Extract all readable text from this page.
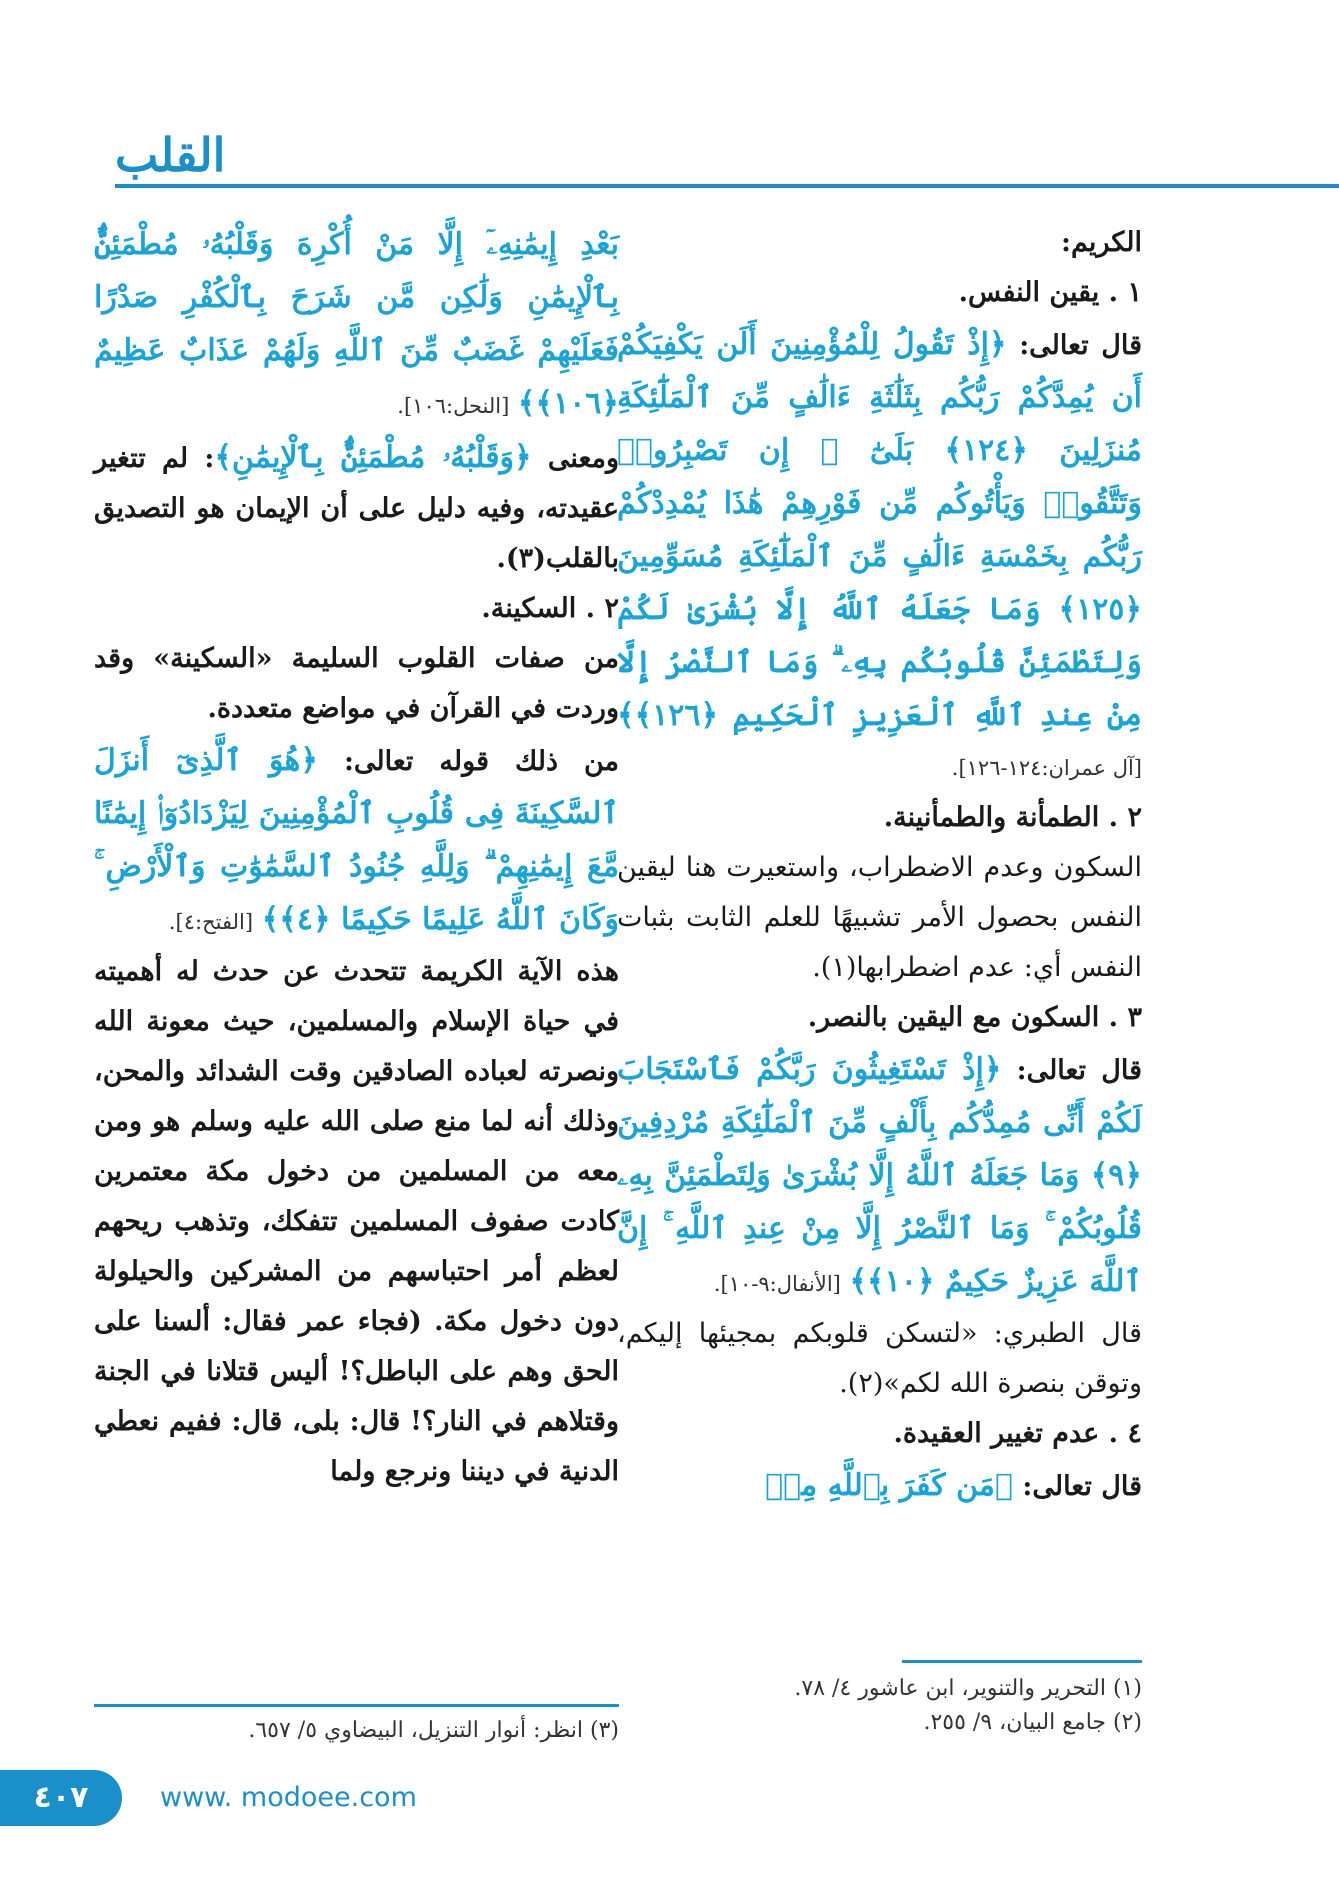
القلب

الكريم:

١ . يقين النفس.

قال تعالى: ﴿إِذْ تَقُولُ لِلْمُؤْمِنِينَ أَلَن يَكْفِيَكُمْ أَن يُمِدَّكُمْ رَبُّكُم بِثَلَٰثَةِ ءَالَٰفٍ مِّنَ ٱلْمَلَٰٓئِكَةِ مُنزَلِينَ ﴿١٢٤﴾ بَلَىٰٓ ۚ إِن تَصْبِرُوا۟ وَتَتَّقُوا۟ وَيَأْتُوكُم مِّن فَوْرِهِمْ هَٰذَا يُمْدِدْكُمْ رَبُّكُم بِخَمْسَةِ ءَالَٰفٍ مِّنَ ٱلْمَلَٰٓئِكَةِ مُسَوِّمِينَ ﴿١٢٥﴾ وَمَا جَعَلَهُ ٱللَّهُ إِلَّا بُشْرَىٰ لَكُمْ وَلِتَطْمَئِنَّ قُلُوبُكُم بِهِۦ ۗ وَمَا ٱلنَّصْرُ إِلَّا مِنْ عِندِ ٱللَّهِ ٱلْعَزِيزِ ٱلْحَكِيمِ ﴿١٢٦﴾﴾ [آل عمران:١٢٤-١٢٦].

٢ . الطمأنة والطمأنينة.

السكون وعدم الاضطراب، واستعيرت هنا ليقين النفس بحصول الأمر تشبيهًا للعلم الثابت بثبات النفس أي: عدم اضطرابها(١).

٣ . السكون مع اليقين بالنصر.

قال تعالى: ﴿إِذْ تَسْتَغِيثُونَ رَبَّكُمْ فَٱسْتَجَابَ لَكُمْ أَنِّى مُمِدُّكُم بِأَلْفٍ مِّنَ ٱلْمَلَٰٓئِكَةِ مُرْدِفِينَ ﴿٩﴾ وَمَا جَعَلَهُ ٱللَّهُ إِلَّا بُشْرَىٰ وَلِتَطْمَئِنَّ بِهِۦ قُلُوبُكُمْ ۚ وَمَا ٱلنَّصْرُ إِلَّا مِنْ عِندِ ٱللَّهِ ۚ إِنَّ ٱللَّهَ عَزِيزٌ حَكِيمٌ ﴿١٠﴾﴾ [الأنفال:٩-١٠].

قال الطبري: «لتسكن قلوبكم بمجيئها إليكم، وتوقن بنصرة الله لكم»(٢).

٤ . عدم تغيير العقيدة.

قال تعالى: ﴿مَن كَفَرَ بِٱللَّهِ مِنۢ

بَعْدِ إِيمَٰنِهِۦٓ إِلَّا مَنْ أُكْرِهَ وَقَلْبُهُۥ مُطْمَئِنٌّۢ بِٱلْإِيمَٰنِ وَلَٰكِن مَّن شَرَحَ بِٱلْكُفْرِ صَدْرًا فَعَلَيْهِمْ غَضَبٌ مِّنَ ٱللَّهِ وَلَهُمْ عَذَابٌ عَظِيمٌ ﴿١٠٦﴾﴾ [النحل:١٠٦].

ومعنى ﴿وَقَلْبُهُۥ مُطْمَئِنٌّۢ بِٱلْإِيمَٰنِ﴾: لم تتغير عقيدته، وفيه دليل على أن الإيمان هو التصديق بالقلب(٣).

٢ . السكينة.

من صفات القلوب السليمة «السكينة» وقد وردت في القرآن في مواضع متعددة.

من ذلك قوله تعالى: ﴿هُوَ ٱلَّذِىٓ أَنزَلَ ٱلسَّكِينَةَ فِى قُلُوبِ ٱلْمُؤْمِنِينَ لِيَزْدَادُوٓا۟ إِيمَٰنًا مَّعَ إِيمَٰنِهِمْ ۗ وَلِلَّهِ جُنُودُ ٱلسَّمَٰوَٰتِ وَٱلْأَرْضِ ۚ وَكَانَ ٱللَّهُ عَلِيمًا حَكِيمًا ﴿٤﴾﴾ [الفتح:٤].

هذه الآية الكريمة تتحدث عن حدث له أهميته في حياة الإسلام والمسلمين، حيث معونة الله ونصرته لعباده الصادقين وقت الشدائد والمحن، وذلك أنه لما منع صلى الله عليه وسلم هو ومن معه من المسلمين من دخول مكة معتمرين كادت صفوف المسلمين تتفكك، وتذهب ريحهم لعظم أمر احتباسهم من المشركين والحيلولة دون دخول مكة. (فجاء عمر فقال: ألسنا على الحق وهم على الباطل؟! أليس قتلانا في الجنة وقتلاهم في النار؟! قال: بلى، قال: ففيم نعطي الدنية في ديننا ونرجع ولما

(١) التحرير والتنوير، ابن عاشور ٤/ ٧٨.
(٢) جامع البيان، ٩/ ٢٥٥.
(٣) انظر: أنوار التنزيل، البيضاوي ٥/ ٦٥٧.
٤٠٧	www. modoee.com
